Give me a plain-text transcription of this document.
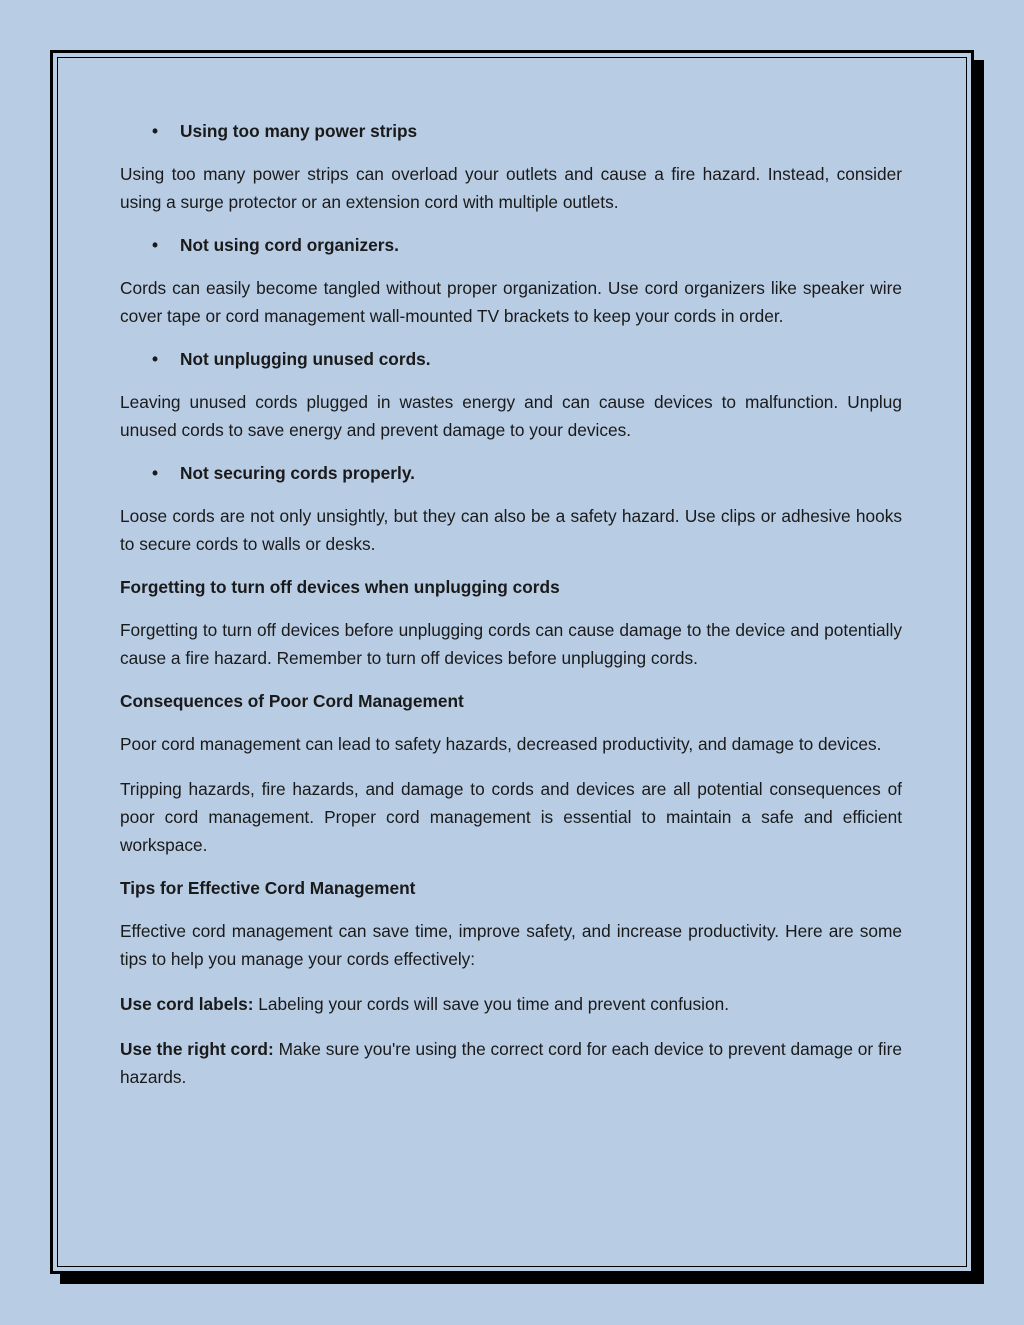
• Using too many power strips

Using too many power strips can overload your outlets and cause a fire hazard. Instead, consider using a surge protector or an extension cord with multiple outlets.

• Not using cord organizers.

Cords can easily become tangled without proper organization. Use cord organizers like speaker wire cover tape or cord management wall-mounted TV brackets to keep your cords in order.

• Not unplugging unused cords.

Leaving unused cords plugged in wastes energy and can cause devices to malfunction. Unplug unused cords to save energy and prevent damage to your devices.

• Not securing cords properly.

Loose cords are not only unsightly, but they can also be a safety hazard. Use clips or adhesive hooks to secure cords to walls or desks.

Forgetting to turn off devices when unplugging cords

Forgetting to turn off devices before unplugging cords can cause damage to the device and potentially cause a fire hazard. Remember to turn off devices before unplugging cords.

Consequences of Poor Cord Management

Poor cord management can lead to safety hazards, decreased productivity, and damage to devices.

Tripping hazards, fire hazards, and damage to cords and devices are all potential consequences of poor cord management. Proper cord management is essential to maintain a safe and efficient workspace.

Tips for Effective Cord Management

Effective cord management can save time, improve safety, and increase productivity. Here are some tips to help you manage your cords effectively:

Use cord labels: Labeling your cords will save you time and prevent confusion.

Use the right cord: Make sure you're using the correct cord for each device to prevent damage or fire hazards.
